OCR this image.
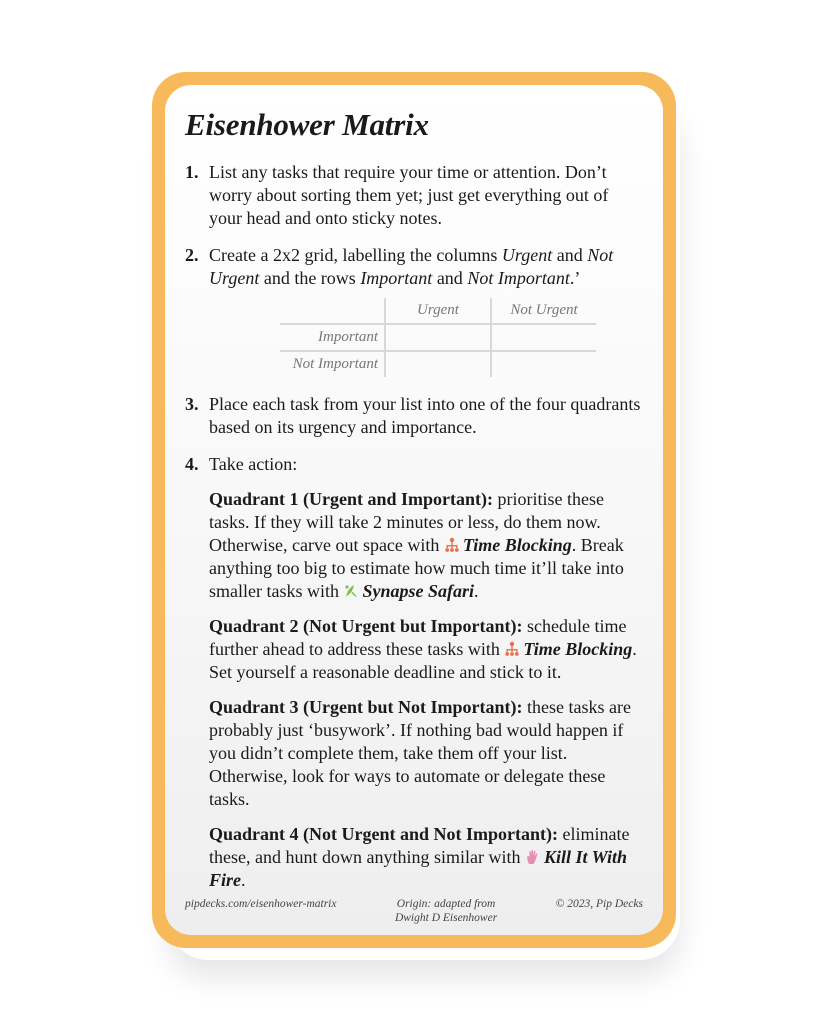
Eisenhower Matrix
1. List any tasks that require your time or attention. Don’t worry about sorting them yet; just get everything out of your head and onto sticky notes.
2. Create a 2x2 grid, labelling the columns Urgent and Not Urgent and the rows Important and Not Important.’
	Urgent	Not Urgent
Important		
Not Important		
3. Place each task from your list into one of the four quadrants based on its urgency and importance.
4. Take action:

Quadrant 1 (Urgent and Important): prioritise these tasks. If they will take 2 minutes or less, do them now. Otherwise, carve out space with Time Blocking. Break anything too big to estimate how much time it’ll take into smaller tasks with Synapse Safari.

Quadrant 2 (Not Urgent but Important): schedule time further ahead to address these tasks with Time Blocking. Set yourself a reasonable deadline and stick to it.

Quadrant 3 (Urgent but Not Important): these tasks are probably just ‘busywork’. If nothing bad would happen if you didn’t complete them, take them off your list. Otherwise, look for ways to automate or delegate these tasks.

Quadrant 4 (Not Urgent and Not Important): eliminate these, and hunt down anything similar with Kill It With Fire.

pipdecks.com/eisenhower-matrix	Origin: adapted from
Dwight D Eisenhower
© 2023, Pip Decks
